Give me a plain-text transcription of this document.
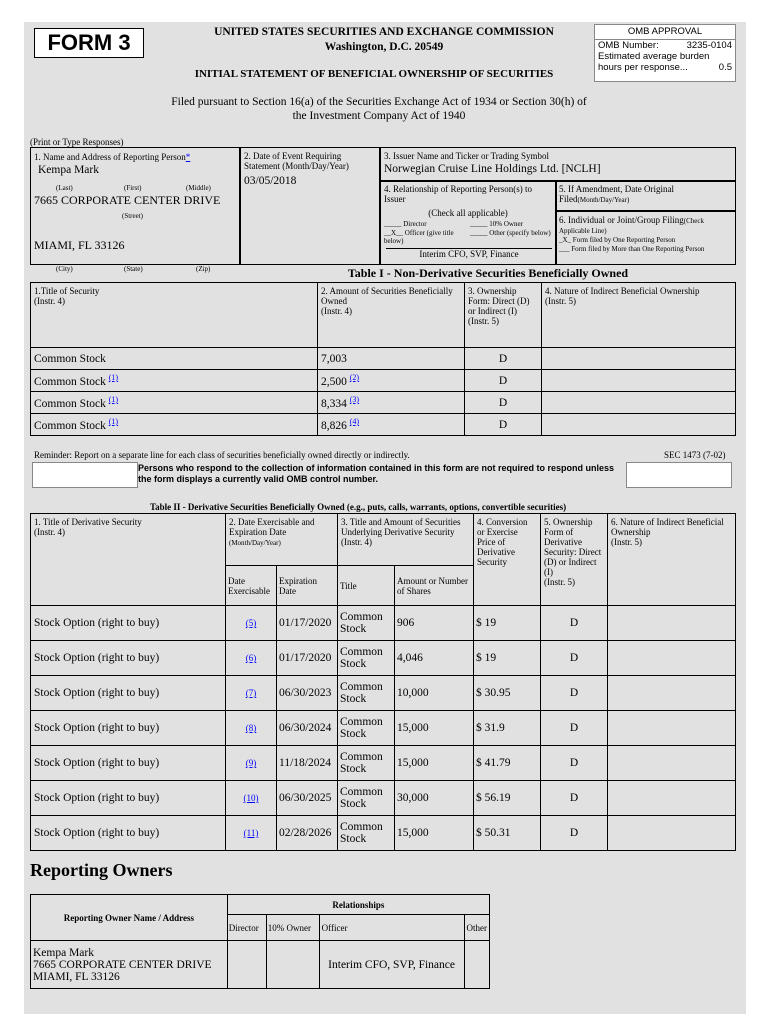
FORM 3	UNITED STATES SECURITIES AND EXCHANGE COMMISSION
Washington, D.C. 20549
INITIAL STATEMENT OF BENEFICIAL OWNERSHIP OF SECURITIES
OMB APPROVAL
OMB Number:	3235-0104
Estimated average burden
hours per response...	0.5
Filed pursuant to Section 16(a) of the Securities Exchange Act of 1934 or Section 30(h) of
the Investment Company Act of 1940
(Print or Type Responses)
1. Name and Address of Reporting Person*
Kempa Mark
(Last)	(First)	(Middle)
7665 CORPORATE CENTER DRIVE
(Street)
MIAMI, FL 33126
(City)	(State)	(Zip)
2. Date of Event Requiring Statement (Month/Day/Year)
03/05/2018
3. Issuer Name and Ticker or Trading Symbol
Norwegian Cruise Line Holdings Ltd. [NCLH]
4. Relationship of Reporting Person(s) to Issuer
(Check all applicable)
_____ Director	_____ 10% Owner
__X__ Officer (give title below)
_____ Other (specify below)
Interim CFO, SVP, Finance
5. If Amendment, Date Original Filed(Month/Day/Year)
6. Individual or Joint/Group Filing(Check Applicable Line)
_X_ Form filed by One Reporting Person
___ Form filed by More than One Reporting Person
Table I - Non-Derivative Securities Beneficially Owned
1.Title of Security
(Instr. 4)	2. Amount of Securities Beneficially Owned
(Instr. 4)	3. Ownership Form: Direct (D) or Indirect (I)
(Instr. 5)	4. Nature of Indirect Beneficial Ownership
(Instr. 5)
Common Stock	7,003	D	
Common Stock $^{(1)}$	2,500 $^{(2)}$	D	
Common Stock $^{(1)}$	8,334 $^{(3)}$	D	
Common Stock $^{(1)}$	8,826 $^{(4)}$	D	
Reminder: Report on a separate line for each class of securities beneficially owned directly or indirectly.	SEC 1473 (7-02)
Persons who respond to the collection of information contained in this form are not required to respond unless the form displays a currently valid OMB control number.
Table II - Derivative Securities Beneficially Owned (e.g., puts, calls, warrants, options, convertible securities)
1. Title of Derivative Security
(Instr. 4)	2. Date Exercisable and Expiration Date
(Month/Day/Year)		3. Title and Amount of Securities Underlying Derivative Security
(Instr. 4)		4. Conversion or Exercise Price of Derivative Security	5. Ownership Form of Derivative Security: Direct (D) or Indirect (I)
(Instr. 5)	6. Nature of Indirect Beneficial Ownership
(Instr. 5)
	Date Exercisable	Expiration Date	Title	Amount or Number of Shares			
Stock Option (right to buy)	(5)	01/17/2020	Common Stock	906	$ 19	D	
Stock Option (right to buy)	(6)	01/17/2020	Common Stock	4,046	$ 19	D	
Stock Option (right to buy)	(7)	06/30/2023	Common Stock	10,000	$ 30.95	D	
Stock Option (right to buy)	(8)	06/30/2024	Common Stock	15,000	$ 31.9	D	
Stock Option (right to buy)	(9)	11/18/2024	Common Stock	15,000	$ 41.79	D	
Stock Option (right to buy)	(10)	06/30/2025	Common Stock	30,000	$ 56.19	D	
Stock Option (right to buy)	(11)	02/28/2026	Common Stock	15,000	$ 50.31	D	
Reporting Owners
Reporting Owner Name / Address	Relationships			
	Director	10% Owner	Officer	Other
Kempa Mark
7665 CORPORATE CENTER DRIVE
MIAMI, FL 33126			Interim CFO, SVP, Finance	
